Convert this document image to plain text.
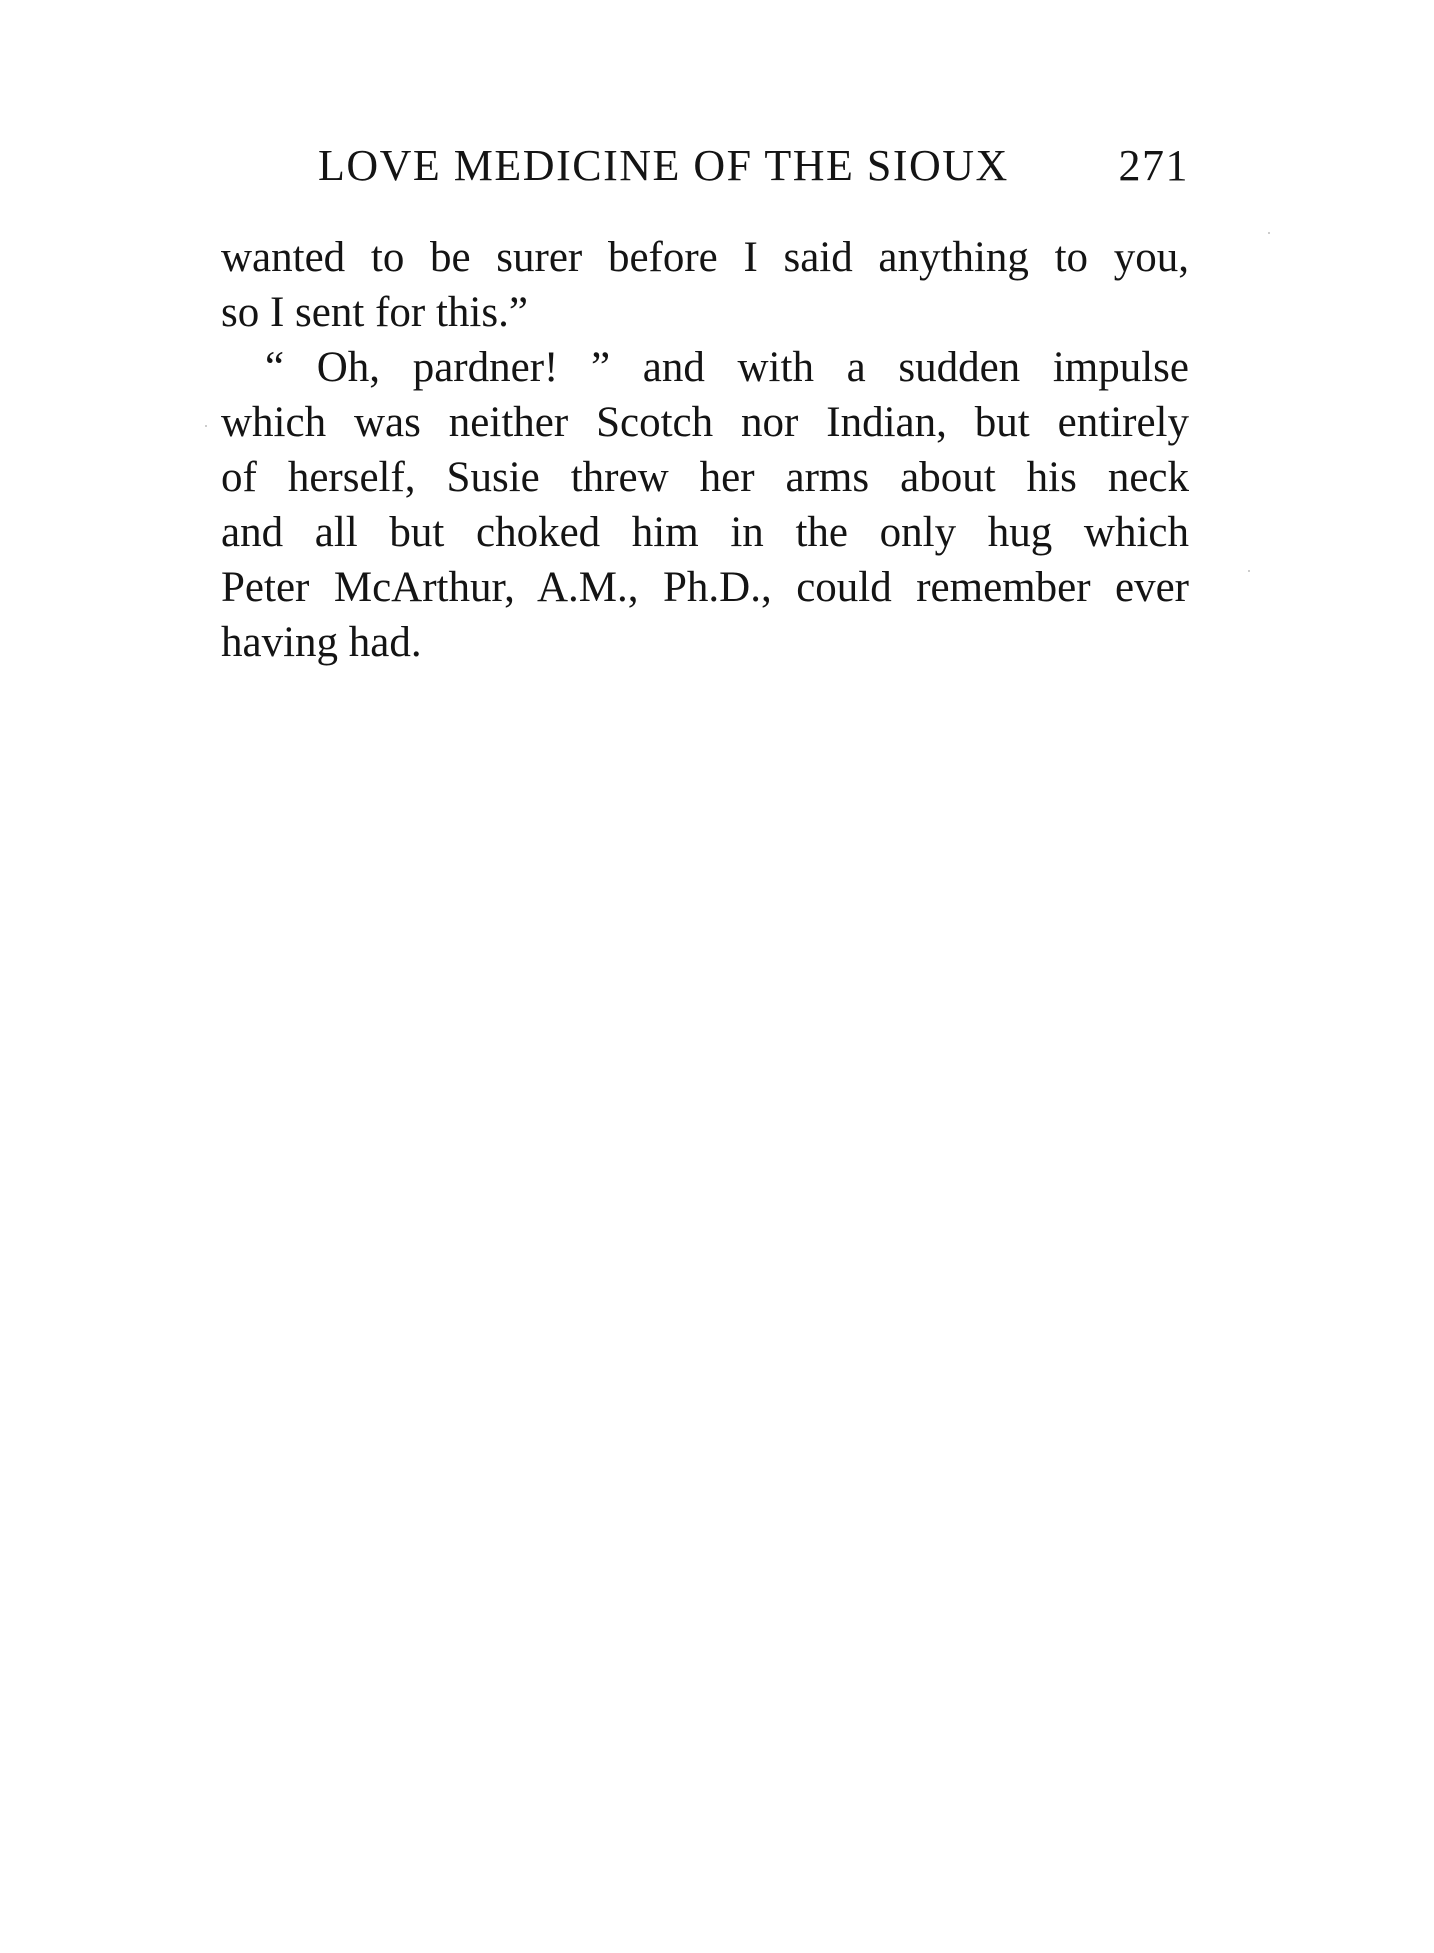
LOVE MEDICINE OF THE SIOUX 271
wanted to be surer before I said anything to you,
so I sent for this.”
“ Oh, pardner! ” and with a sudden impulse
which was neither Scotch nor Indian, but entirely
of herself, Susie threw her arms about his neck
and all but choked him in the only hug which
Peter McArthur, A.M., Ph.D., could remember ever
having had.
